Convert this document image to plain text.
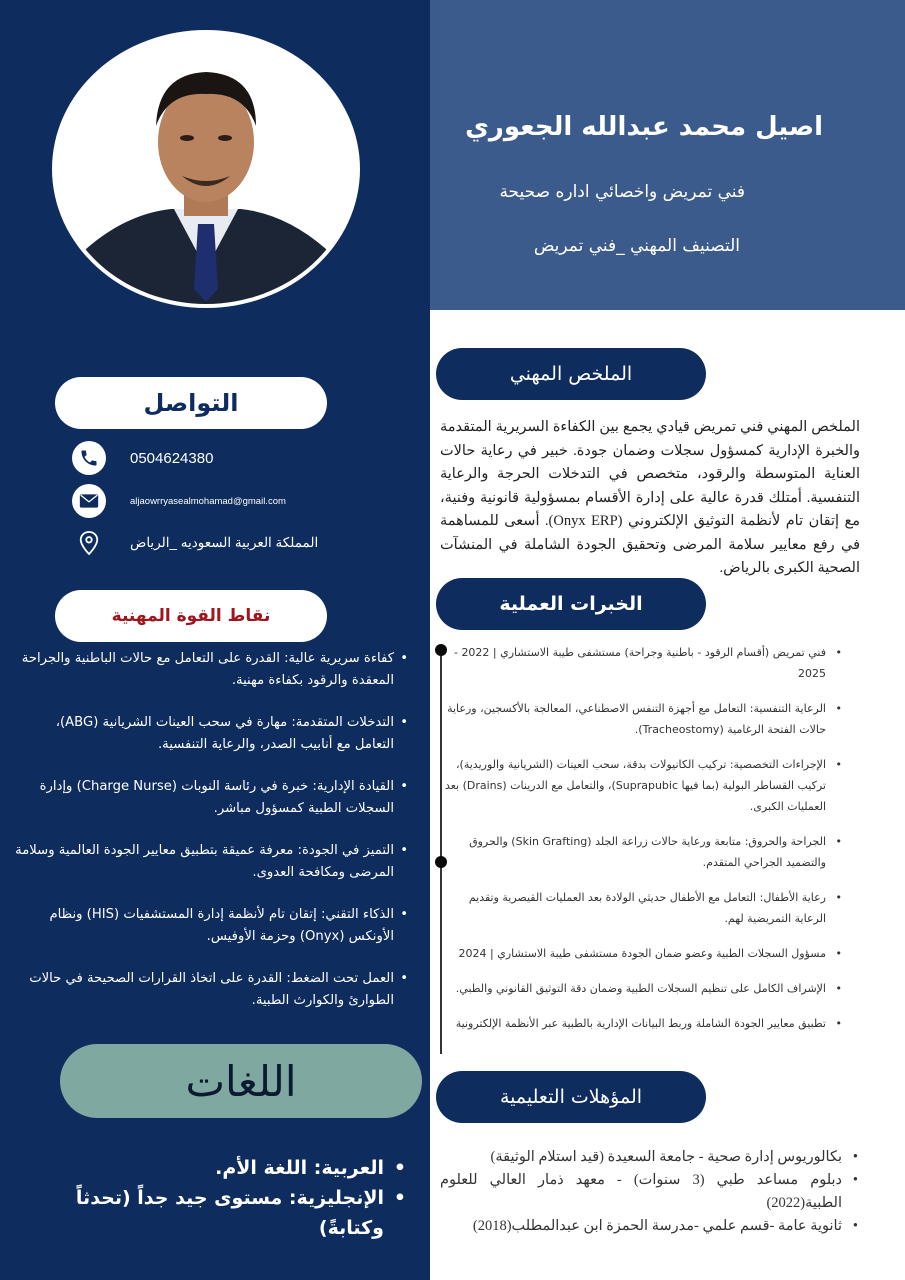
اصيل محمد عبدالله الجعوري
فني تمريض واخصائي اداره صحيحة
التصنيف المهني _فني تمريض
التواصل
0504624380
aljaowrryasealmohamad@gmail.com
المملكة العربية السعوديه _الرياض
نقاط القوة المهنية
• كفاءة سريرية عالية: القدرة على التعامل مع حالات الباطنية والجراحة المعقدة والرقود بكفاءة مهنية.
• التدخلات المتقدمة: مهارة في سحب العينات الشريانية (ABG)، التعامل مع أنابيب الصدر، والرعاية التنفسية.
• القيادة الإدارية: خبرة في رئاسة النوبات (Charge Nurse) وإدارة السجلات الطبية كمسؤول مباشر.
• التميز في الجودة: معرفة عميقة بتطبيق معايير الجودة العالمية وسلامة المرضى ومكافحة العدوى.
• الذكاء التقني: إتقان تام لأنظمة إدارة المستشفيات (HIS) ونظام الأونكس (Onyx) وحزمة الأوفيس.
• العمل تحت الضغط: القدرة على اتخاذ القرارات الصحيحة في حالات الطوارئ والكوارث الطبية.
اللغات
• العربية: اللغة الأم.
• الإنجليزية: مستوى جيد جداً (تحدثاً وكتابةً)
الملخص المهني

الملخص المهني فني تمريض قيادي يجمع بين الكفاءة السريرية المتقدمة والخبرة الإدارية كمسؤول سجلات وضمان جودة. خبير في رعاية حالات العناية المتوسطة والرقود، متخصص في التدخلات الحرجة والرعاية التنفسية. أمتلك قدرة عالية على إدارة الأقسام بمسؤولية قانونية وفنية، مع إتقان تام لأنظمة التوثيق الإلكتروني (Onyx ERP). أسعى للمساهمة في رفع معايير سلامة المرضى وتحقيق الجودة الشاملة في المنشآت الصحية الكبرى بالرياض.

الخبرات العملية
• فني تمريض (أقسام الرقود - باطنية وجراحة) مستشفى طيبة الاستشاري | 2022 - 2025
• الرعاية التنفسية: التعامل مع أجهزة التنفس الاصطناعي، المعالجة بالأكسجين، ورعاية حالات الفتحة الرغامية (Tracheostomy).
• الإجراءات التخصصية: تركيب الكانيولات بدقة، سحب العينات (الشريانية والوريدية)، تركيب القساطر البولية (بما فيها Suprapubic)، والتعامل مع الدرينات (Drains) بعد العمليات الكبرى.
• الجراحة والحروق: متابعة ورعاية حالات زراعة الجلد (Skin Grafting) والحروق والتضميد الجراحي المتقدم.
• رعاية الأطفال: التعامل مع الأطفال حديثي الولادة بعد العمليات القيصرية وتقديم الرعاية التمريضية لهم.
• مسؤول السجلات الطبية وعضو ضمان الجودة مستشفى طيبة الاستشاري | 2024
• الإشراف الكامل على تنظيم السجلات الطبية وضمان دقة التوثيق القانوني والطبي.
• تطبيق معايير الجودة الشاملة وربط البيانات الإدارية بالطبية عبر الأنظمة الإلكترونية
المؤهلات التعليمية
• بكالوريوس إدارة صحية - جامعة السعيدة (قيد استلام الوثيقة)
• دبلوم مساعد طبي (3 سنوات) - معهد ذمار العالي للعلوم الطبية(2022)
• ثانوية عامة -قسم علمي -مدرسة الحمزة ابن عبدالمطلب(2018)
